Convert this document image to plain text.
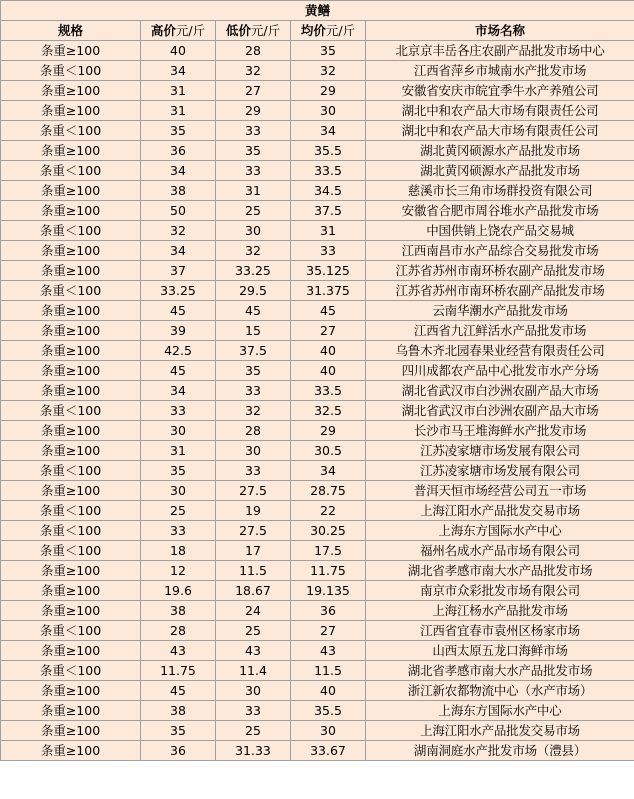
黄鳝				
规格	高价元/斤	低价元/斤	均价元/斤	市场名称
条重≥100	40	28	35	北京京丰岳各庄农副产品批发市场中心
条重＜100	34	32	32	江西省萍乡市城南水产批发市场
条重≥100	31	27	29	安徽省安庆市皖宜季牛水产养殖公司
条重≥100	31	29	30	湖北中和农产品大市场有限责任公司
条重＜100	35	33	34	湖北中和农产品大市场有限责任公司
条重≥100	36	35	35.5	湖北黄冈硕源水产品批发市场
条重＜100	34	33	33.5	湖北黄冈硕源水产品批发市场
条重≥100	38	31	34.5	慈溪市长三角市场群投资有限公司
条重≥100	50	25	37.5	安徽省合肥市周谷堆水产品批发市场
条重＜100	32	30	31	中国供销上饶农产品交易城
条重≥100	34	32	33	江西南昌市水产品综合交易批发市场
条重≥100	37	33.25	35.125	江苏省苏州市南环桥农副产品批发市场
条重＜100	33.25	29.5	31.375	江苏省苏州市南环桥农副产品批发市场
条重≥100	45	45	45	云南华潮水产品批发市场
条重≥100	39	15	27	江西省九江鲜活水产品批发市场
条重≥100	42.5	37.5	40	乌鲁木齐北园春果业经营有限责任公司
条重≥100	45	35	40	四川成都农产品中心批发市水产分场
条重≥100	34	33	33.5	湖北省武汉市白沙洲农副产品大市场
条重＜100	33	32	32.5	湖北省武汉市白沙洲农副产品大市场
条重≥100	30	28	29	长沙市马王堆海鲜水产批发市场
条重≥100	31	30	30.5	江苏凌家塘市场发展有限公司
条重＜100	35	33	34	江苏凌家塘市场发展有限公司
条重≥100	30	27.5	28.75	普洱天恒市场经营公司五一市场
条重＜100	25	19	22	上海江阳水产品批发交易市场
条重＜100	33	27.5	30.25	上海东方国际水产中心
条重＜100	18	17	17.5	福州名成水产品市场有限公司
条重≥100	12	11.5	11.75	湖北省孝感市南大水产品批发市场
条重≥100	19.6	18.67	19.135	南京市众彩批发市场有限公司
条重≥100	38	24	36	上海江杨水产品批发市场
条重＜100	28	25	27	江西省宜春市袁州区杨家市场
条重≥100	43	43	43	山西太原五龙口海鲜市场
条重＜100	11.75	11.4	11.5	湖北省孝感市南大水产品批发市场
条重≥100	45	30	40	浙江新农都物流中心（水产市场）
条重≥100	38	33	35.5	上海东方国际水产中心
条重≥100	35	25	30	上海江阳水产品批发交易市场
条重≥100	36	31.33	33.67	湖南洞庭水产批发市场（澧县）
